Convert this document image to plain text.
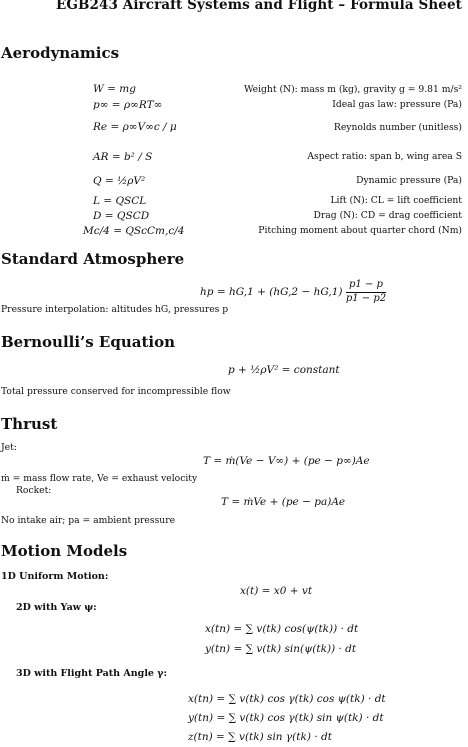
EGB243 Aircraft Systems and Flight – Formula Sheet
Aerodynamics
W = mg	Weight (N): mass m (kg), gravity g = 9.81 m/s²
p∞ = ρ∞RT∞	Ideal gas law: pressure (Pa)
Re = ρ∞V∞c / μ	Reynolds number (unitless)
AR = b² / S	Aspect ratio: span b, wing area S
Q = ½ρV²	Dynamic pressure (Pa)
L = QSCL	Lift (N): CL = lift coefficient
D = QSCD	Drag (N): CD = drag coefficient
Mc/4 = QScCm,c/4	Pitching moment about quarter chord (Nm)
Standard Atmosphere
hp = $hG,1 + (hG,2 - hG,1) \frac{p1 - p}{p1 - p2}$
Pressure interpolation: altitudes hG, pressures p
Bernoulli’s Equation
p + ½ρV² = constant
Total pressure conserved for incompressible flow
Thrust
Jet:
T = ṁ(Ve − V∞) + (pe − p∞)Ae
ṁ = mass flow rate, Ve = exhaust velocity
Rocket:
T = ṁVe + (pe − pa)Ae
No intake air; pa = ambient pressure
Motion Models
1D Uniform Motion:
x(t) = x0 + vt
2D with Yaw ψ:
x(tn) = ∑ v(tk) cos(ψ(tk)) · dt
y(tn) = ∑ v(tk) sin(ψ(tk)) · dt
3D with Flight Path Angle γ:
x(tn) = ∑ v(tk) cos γ(tk) cos ψ(tk) · dt
y(tn) = ∑ v(tk) cos γ(tk) sin ψ(tk) · dt
z(tn) = ∑ v(tk) sin γ(tk) · dt
